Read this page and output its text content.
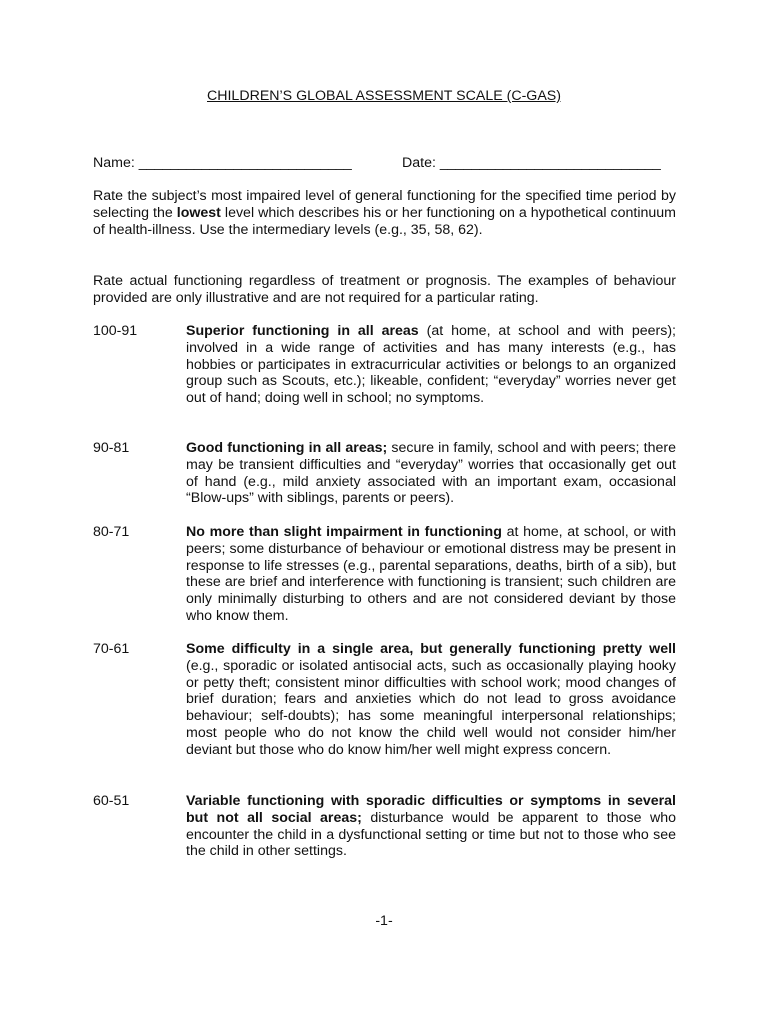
CHILDREN’S GLOBAL ASSESSMENT SCALE (C-GAS)
Name: ___________________________	Date: ____________________________
Rate the subject’s most impaired level of general functioning for the specified time period by selecting the lowest level which describes his or her functioning on a hypothetical continuum of health-illness. Use the intermediary levels (e.g., 35, 58, 62).
Rate actual functioning regardless of treatment or prognosis. The examples of behaviour provided are only illustrative and are not required for a particular rating.
100-91	Superior functioning in all areas (at home, at school and with peers); involved in a wide range of activities and has many interests (e.g., has hobbies or participates in extracurricular activities or belongs to an organized group such as Scouts, etc.); likeable, confident; “everyday” worries never get out of hand; doing well in school; no symptoms.
90-81	Good functioning in all areas; secure in family, school and with peers; there may be transient difficulties and “everyday” worries that occasionally get out of hand (e.g., mild anxiety associated with an important exam, occasional “Blow-ups” with siblings, parents or peers).
80-71	No more than slight impairment in functioning at home, at school, or with peers; some disturbance of behaviour or emotional distress may be present in response to life stresses (e.g., parental separations, deaths, birth of a sib), but these are brief and interference with functioning is transient; such children are only minimally disturbing to others and are not considered deviant by those who know them.
70-61	Some difficulty in a single area, but generally functioning pretty well (e.g., sporadic or isolated antisocial acts, such as occasionally playing hooky or petty theft; consistent minor difficulties with school work; mood changes of brief duration; fears and anxieties which do not lead to gross avoidance behaviour; self-doubts); has some meaningful interpersonal relationships; most people who do not know the child well would not consider him/her deviant but those who do know him/her well might express concern.
60-51	Variable functioning with sporadic difficulties or symptoms in several but not all social areas; disturbance would be apparent to those who encounter the child in a dysfunctional setting or time but not to those who see the child in other settings.
-1-
